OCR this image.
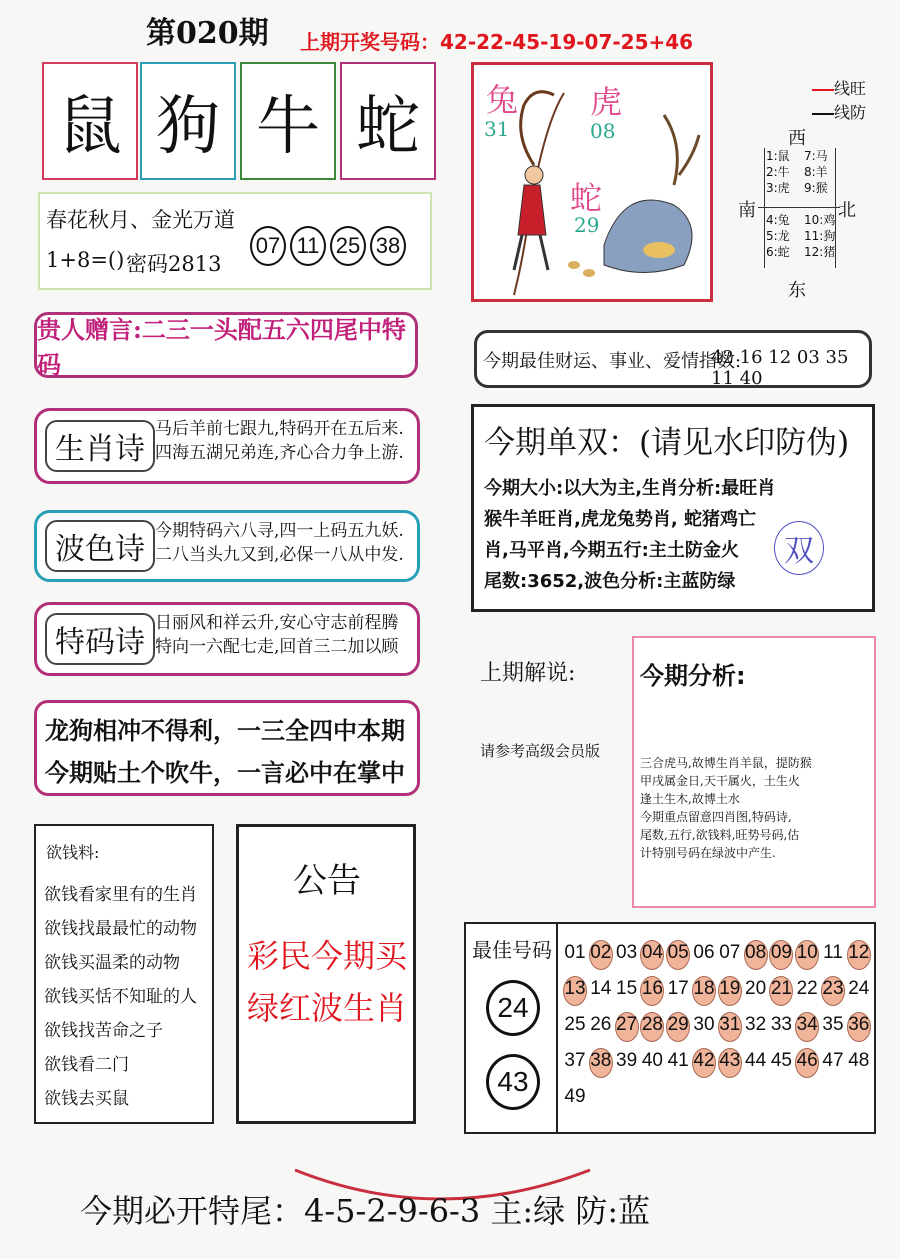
第020期 上期开奖号码：42-22-45-19-07-25+46
鼠 狗 牛 蛇
春花秋月、金光万道
1+8=() 密码2813
07 11 25 38
兔
31
虎
08
蛇
29
线旺
线防
西
南	北
东
1:鼠
2:牛
3:虎
7:马
8:羊
9:猴
4:兔
5:龙
6:蛇
10:鸡
11:狗
12:猪
贵人赠言:二三一头配五六四尾中特码	今期最佳财运、事业、爱情指数:
42 16 12 03 35 11 40
生肖诗
马后羊前七跟九,特码开在五后来.
四海五湖兄弟连,齐心合力争上游.
波色诗
今期特码六八寻,四一上码五九妖.
二八当头九又到,必保一八从中发.
特码诗
日丽风和祥云升,安心守志前程腾
特向一六配七走,回首三二加以顾
今期单双：(请见水印防伪)
今期大小:以大为主,生肖分析:最旺肖
猴牛羊旺肖,虎龙兔势肖, 蛇猪鸡亡
肖,马平肖,今期五行:主土防金火
尾数:3652,波色分析:主蓝防绿
双
龙狗相冲不得利，一三全四中本期
今期贴土个吹牛，一言必中在掌中
上期解说:
请参考高级会员版
今期分析:
三合虎马,故博生肖羊鼠，提防猴
甲戌属金日,天干属火，土生火
逢土生木,故博土水
今期重点留意四肖图,特码诗,
尾数,五行,欲钱料,旺势号码,估
计特别号码在绿波中产生.
欲钱料:
欲钱看家里有的生肖
欲钱找最最忙的动物
欲钱买温柔的动物
欲钱买恬不知耻的人
欲钱找苦命之子
欲钱看二门
欲钱去买鼠
公告
彩民今期买
绿红波生肖
最佳号码
24
43
01 02 03 04 05 06 07 08 09 10 11 12
13 14 15 16 17 18 19 20 21 22 23 24
25 26 27 28 29 30 31 32 33 34 35 36
37 38 39 40 41 42 43 44 45 46 47 48
49
今期必开特尾：4-5-2-9-6-3 主:绿 防:蓝
